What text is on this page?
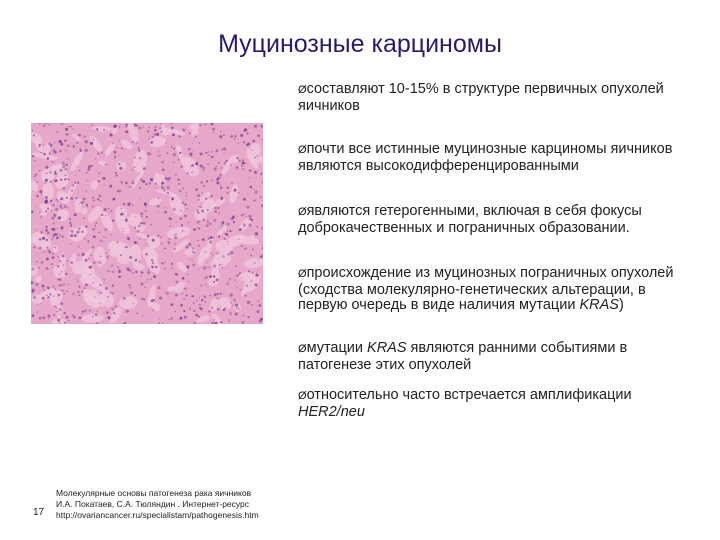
Муцинозные карциномы
Øсоставляют 10-15% в структуре первичных опухолей яичников
Øпочти все истинные муцинозные карциномы яичников являются высокодифференцированными
Øявляются гетерогенными, включая в себя фокусы доброкачественных и пограничных образовании.
Øпроисхождение из муцинозных пограничных опухолей (сходства молекулярно-генетических альтерации, в первую очередь в виде наличия мутации KRAS)
Øмутации KRAS являются ранними событиями в патогенезе этих опухолей
Øотносительно часто встречается амплификации HER2/neu
17
Молекулярные основы патогенеза рака яичников
И.А. Покатаев, С.А. Тюляндин . Интернет-ресурс
http://ovariancancer.ru/specialistam/pathogenesis.htm
